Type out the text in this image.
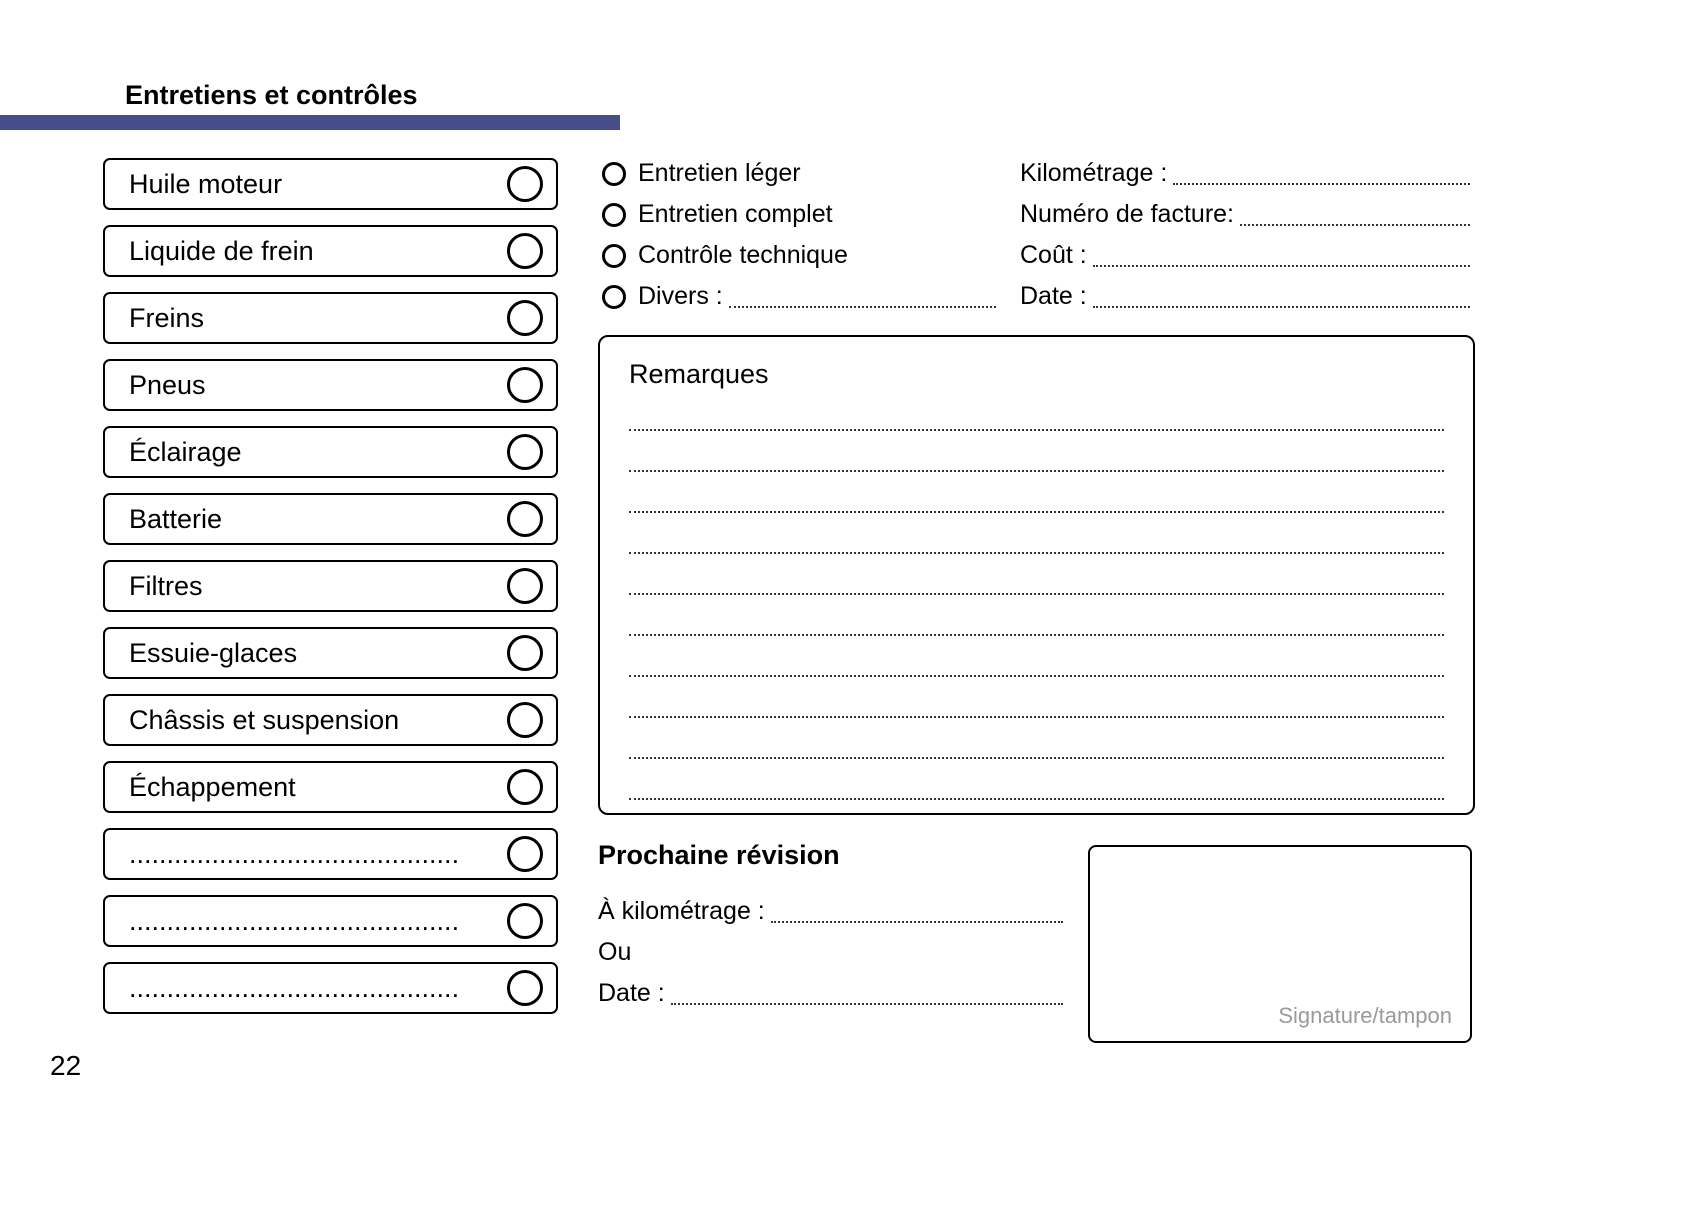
Entretiens et contrôles
Huile moteur
Liquide de frein
Freins
Pneus
Éclairage
Batterie
Filtres
Essuie-glaces
Châssis et suspension
Échappement
............................................
............................................
............................................
Entretien léger
Entretien complet
Contrôle technique
Divers :
Kilométrage :
Numéro de facture:
Coût :
Date :
Remarques
Prochaine révision
À kilométrage :
Ou
Date :
Signature/tampon
22
